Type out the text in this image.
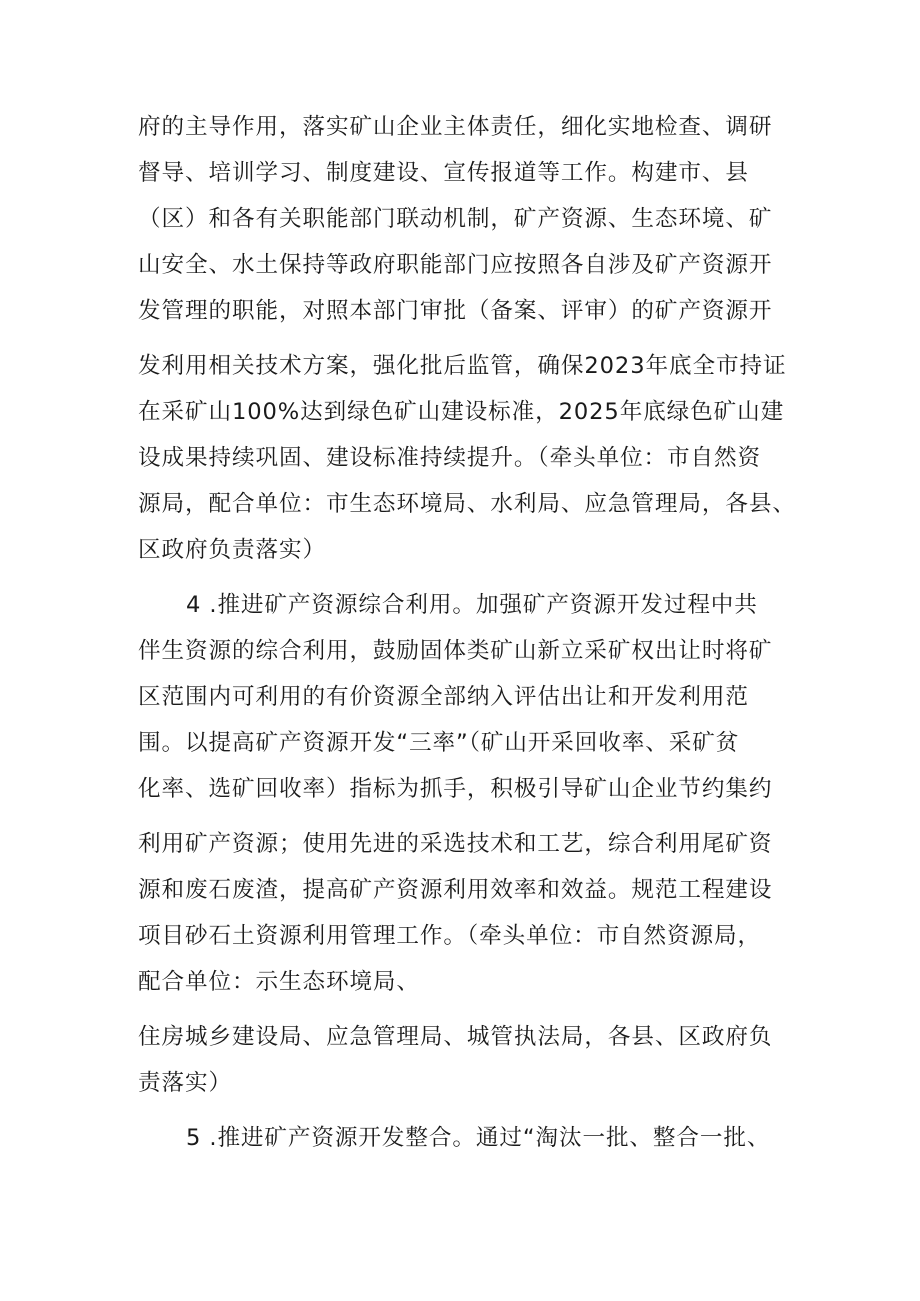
府的主导作用，落实矿山企业主体责任，细化实地检查、调研
督导、培训学习、制度建设、宣传报道等工作。构建市、县
（区）和各有关职能部门联动机制，矿产资源、生态环境、矿
山安全、水土保持等政府职能部门应按照各自涉及矿产资源开
发管理的职能，对照本部门审批（备案、评审）的矿产资源开
发利用相关技术方案，强化批后监管，确保2023年底全市持证
在采矿山100%达到绿色矿山建设标准，2025年底绿色矿山建
设成果持续巩固、建设标准持续提升。（牵头单位：市自然资
源局，配合单位：市生态环境局、水利局、应急管理局，各县、
区政府负责落实）
4 .推进矿产资源综合利用。加强矿产资源开发过程中共
伴生资源的综合利用，鼓励固体类矿山新立采矿权出让时将矿
区范围内可利用的有价资源全部纳入评估出让和开发利用范
围。以提高矿产资源开发“三率”（矿山开采回收率、采矿贫
化率、选矿回收率）指标为抓手，积极引导矿山企业节约集约
利用矿产资源；使用先进的采选技术和工艺，综合利用尾矿资
源和废石废渣，提高矿产资源利用效率和效益。规范工程建设
项目砂石土资源利用管理工作。（牵头单位：市自然资源局，
配合单位：示生态环境局、
住房城乡建设局、应急管理局、城管执法局，各县、区政府负
责落实）
5 .推进矿产资源开发整合。通过“淘汰一批、整合一批、
